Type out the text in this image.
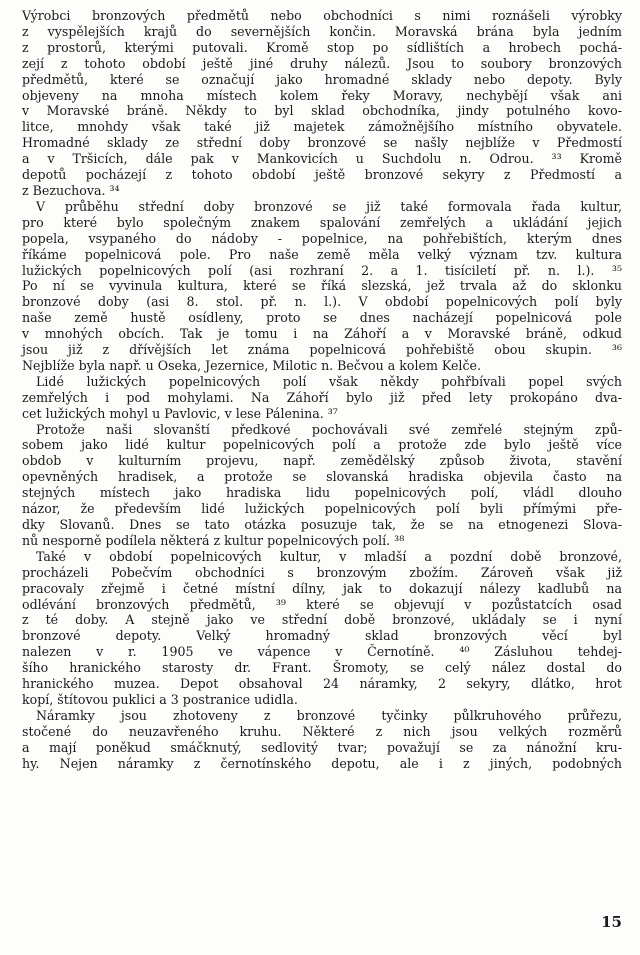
Výrobci bronzových předmětů nebo obchodníci s nimi roznášeli výrobky
z vyspělejších krajů do severnějších končin. Moravská brána byla jedním
z prostorů, kterými putovali. Kromě stop po sídlištích a hrobech pochá-
zejí z tohoto období ještě jiné druhy nálezů. Jsou to soubory bronzových
předmětů, které se označují jako hromadné sklady nebo depoty. Byly
objeveny na mnoha místech kolem řeky Moravy, nechybějí však ani
v Moravské bráně. Někdy to byl sklad obchodníka, jindy potulného kovo-
litce, mnohdy však také již majetek zámožnějšího místního obyvatele.
Hromadné sklady ze střední doby bronzové se našly nejblíže v Předmostí
a v Tršicích, dále pak v Mankovicích u Suchdolu n. Odrou. ³³ Kromě
depotů pocházejí z tohoto období ještě bronzové sekyry z Předmostí a
z Bezuchova. ³⁴
V průběhu střední doby bronzové se již také formovala řada kultur,
pro které bylo společným znakem spalování zemřelých a ukládání jejich
popela, vsypaného do nádoby - popelnice, na pohřebištích, kterým dnes
říkáme popelnicová pole. Pro naše země měla velký význam tzv. kultura
lužických popelnicových polí (asi rozhraní 2. a 1. tisíciletí př. n. l.). ³⁵
Po ní se vyvinula kultura, které se říká slezská, jež trvala až do sklonku
bronzové doby (asi 8. stol. př. n. l.). V období popelnicových polí byly
naše země hustě osídleny, proto se dnes nacházejí popelnicová pole
v mnohých obcích. Tak je tomu i na Záhoří a v Moravské bráně, odkud
jsou již z dřívějších let známa popelnicová pohřebiště obou skupin. ³⁶
Nejblíže byla např. u Oseka, Jezernice, Milotic n. Bečvou a kolem Kelče.
Lidé lužických popelnicových polí však někdy pohřbívali popel svých
zemřelých i pod mohylami. Na Záhoří bylo již před lety prokopáno dva-
cet lužických mohyl u Pavlovic, v lese Pálenina. ³⁷
Protože naši slovanští předkové pochovávali své zemřelé stejným způ-
sobem jako lidé kultur popelnicových polí a protože zde bylo ještě více
obdob v kulturním projevu, např. zemědělský způsob života, stavění
opevněných hradisek, a protože se slovanská hradiska objevila často na
stejných místech jako hradiska lidu popelnicových polí, vládl dlouho
názor, že především lidé lužických popelnicových polí byli přímými pře-
dky Slovanů. Dnes se tato otázka posuzuje tak, že se na etnogenezi Slova-
nů nesporně podílela některá z kultur popelnicových polí. ³⁸
Také v období popelnicových kultur, v mladší a pozdní době bronzové,
procházeli Pobečvím obchodníci s bronzovým zbožím. Zároveň však již
pracovaly zřejmě i četné místní dílny, jak to dokazují nálezy kadlubů na
odlévání bronzových předmětů, ³⁹ které se objevují v pozůstatcích osad
z té doby. A stejně jako ve střední době bronzové, ukládaly se i nyní
bronzové depoty. Velký hromadný sklad bronzových věcí byl
nalezen v r. 1905 ve vápence v Černotíně. ⁴⁰ Zásluhou tehdej-
šího hranického starosty dr. Frant. Šromoty, se celý nález dostal do
hranického muzea. Depot obsahoval 24 náramky, 2 sekyry, dlátko, hrot
kopí, štítovou puklici a 3 postranice udidla.
Náramky jsou zhotoveny z bronzové tyčinky půlkruhového průřezu,
stočené do neuzavřeného kruhu. Některé z nich jsou velkých rozměrů
a mají poněkud smáčknutý, sedlovitý tvar; považují se za nánožní kru-
hy. Nejen náramky z černotínského depotu, ale i z jiných, podobných
15
